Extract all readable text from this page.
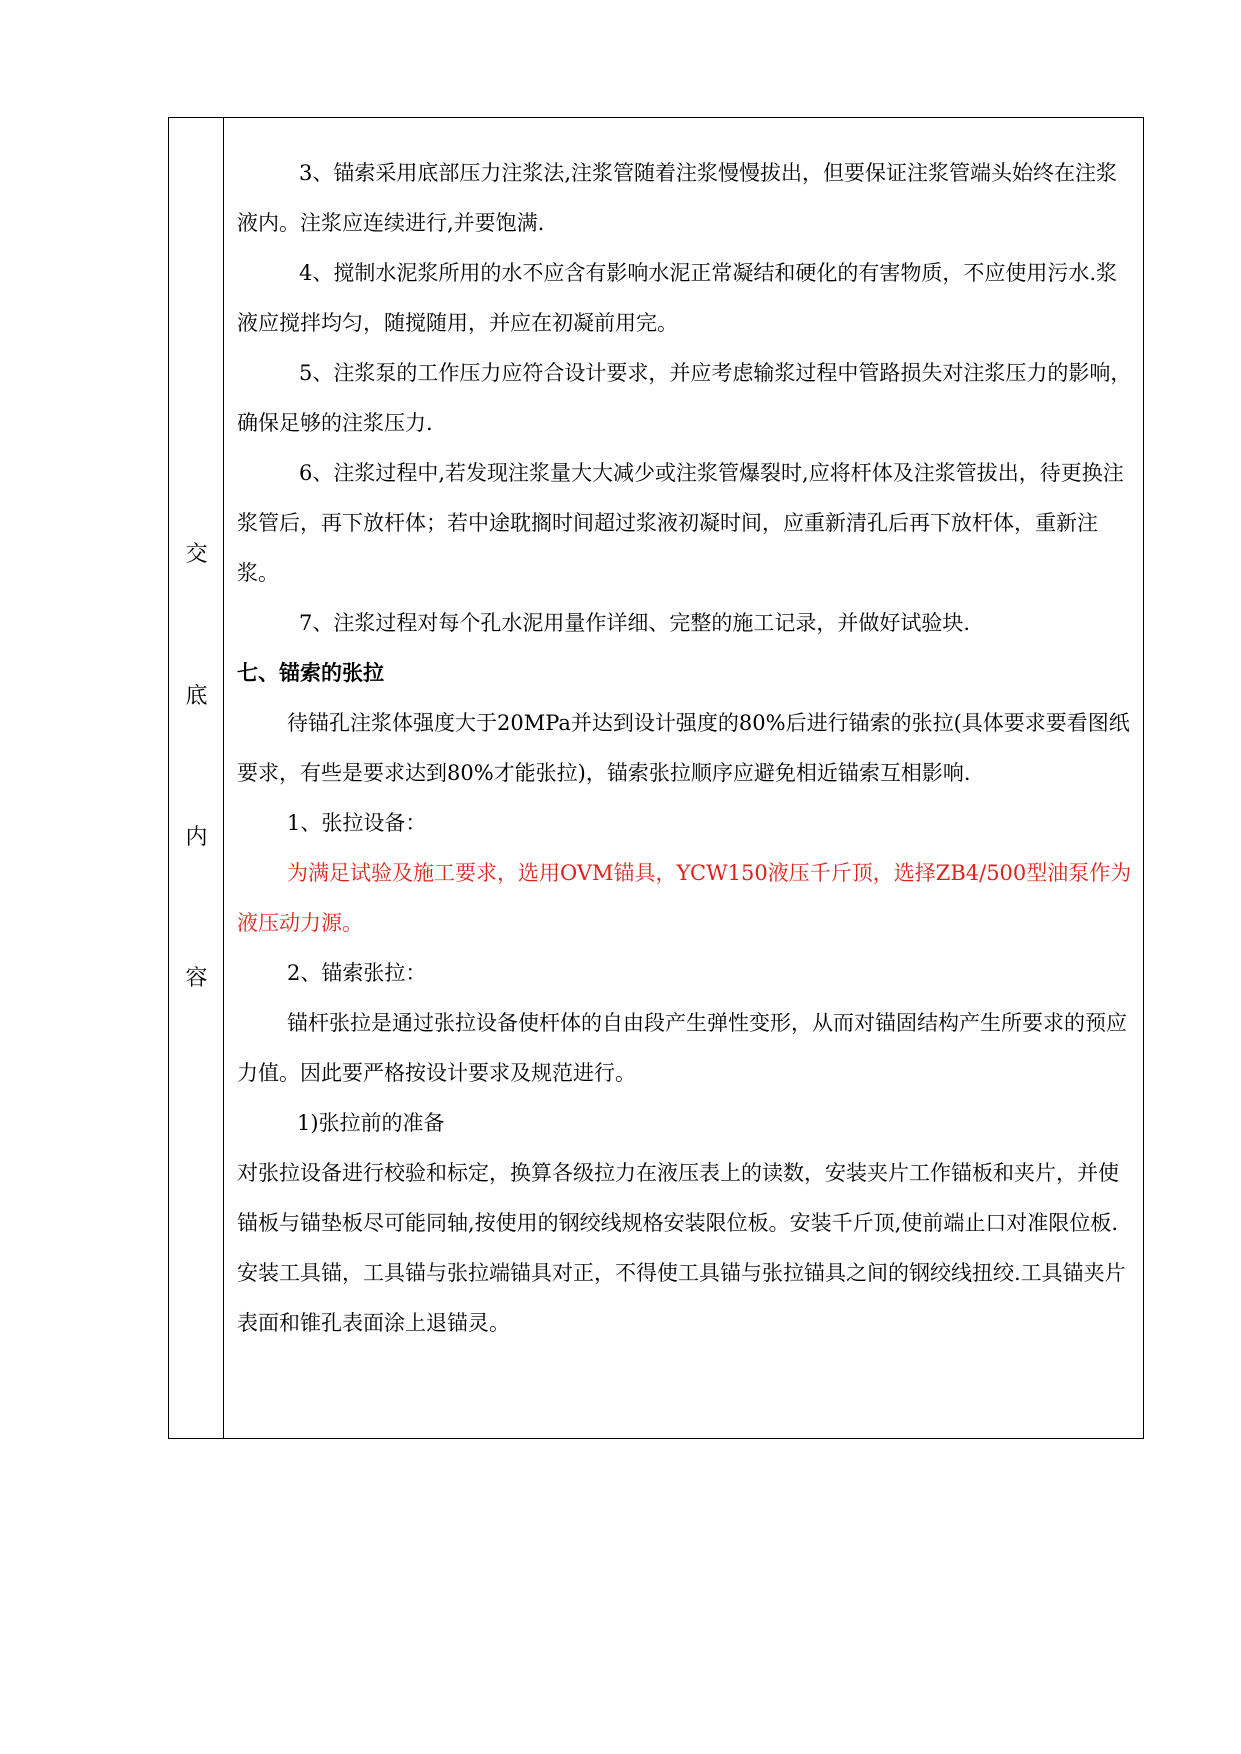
交
底
内
容

3、锚索采用底部压力注浆法,注浆管随着注浆慢慢拔出，但要保证注浆管端头始终在注浆液内。注浆应连续进行,并要饱满.

4、搅制水泥浆所用的水不应含有影响水泥正常凝结和硬化的有害物质，不应使用污水.浆液应搅拌均匀，随搅随用，并应在初凝前用完。

5、注浆泵的工作压力应符合设计要求，并应考虑输浆过程中管路损失对注浆压力的影响，确保足够的注浆压力.

6、注浆过程中,若发现注浆量大大减少或注浆管爆裂时,应将杆体及注浆管拔出，待更换注浆管后，再下放杆体；若中途耽搁时间超过浆液初凝时间，应重新清孔后再下放杆体，重新注浆。

7、注浆过程对每个孔水泥用量作详细、完整的施工记录，并做好试验块.

七、锚索的张拉

待锚孔注浆体强度大于20MPa并达到设计强度的80%后进行锚索的张拉(具体要求要看图纸要求，有些是要求达到80%才能张拉)，锚索张拉顺序应避免相近锚索互相影响.

1、张拉设备：

为满足试验及施工要求，选用OVM锚具，YCW150液压千斤顶，选择ZB4/500型油泵作为液压动力源。

2、锚索张拉：

锚杆张拉是通过张拉设备使杆体的自由段产生弹性变形，从而对锚固结构产生所要求的预应力值。因此要严格按设计要求及规范进行。

1)张拉前的准备

对张拉设备进行校验和标定，换算各级拉力在液压表上的读数，安装夹片工作锚板和夹片，并使锚板与锚垫板尽可能同轴,按使用的钢绞线规格安装限位板。安装千斤顶,使前端止口对准限位板.安装工具锚，工具锚与张拉端锚具对正，不得使工具锚与张拉锚具之间的钢绞线扭绞.工具锚夹片表面和锥孔表面涂上退锚灵。
